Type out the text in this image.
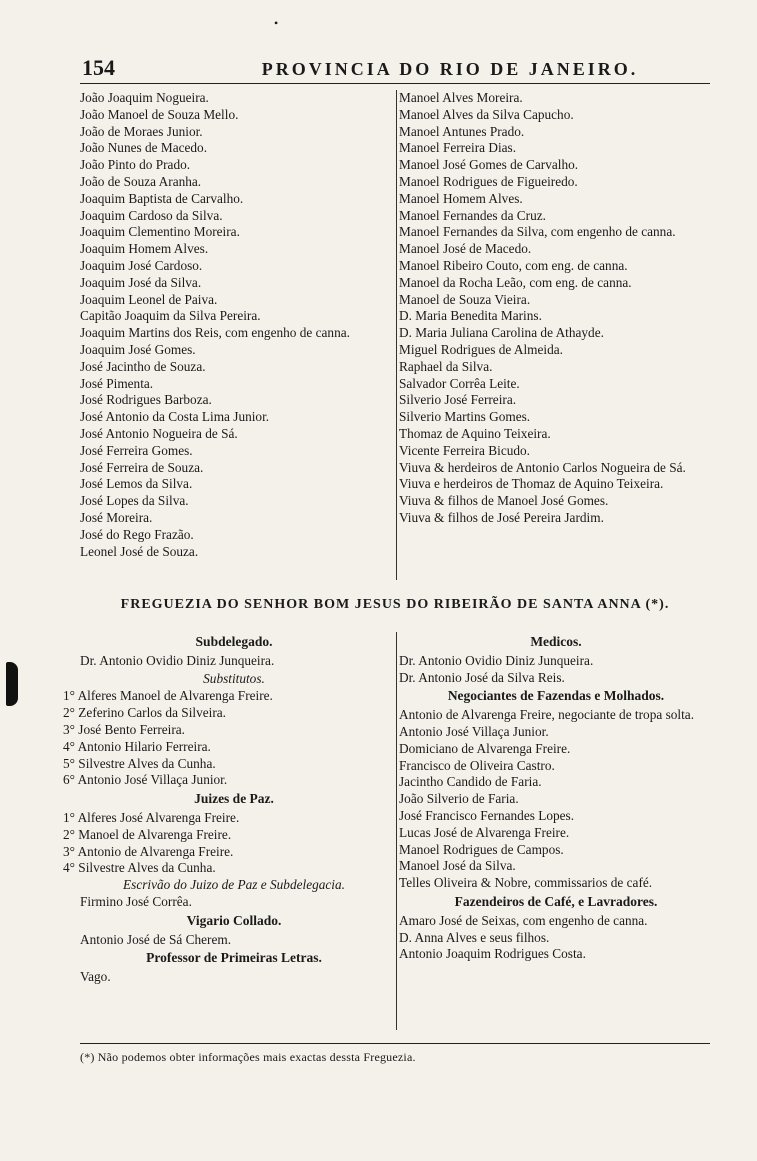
•
154	PROVINCIA DO RIO DE JANEIRO.
João Joaquim Nogueira.
João Manoel de Souza Mello.
João de Moraes Junior.
João Nunes de Macedo.
João Pinto do Prado.
João de Souza Aranha.
Joaquim Baptista de Carvalho.
Joaquim Cardoso da Silva.
Joaquim Clementino Moreira.
Joaquim Homem Alves.
Joaquim José Cardoso.
Joaquim José da Silva.
Joaquim Leonel de Paiva.
Capitão Joaquim da Silva Pereira.
Joaquim Martins dos Reis, com engenho de canna.
Joaquim José Gomes.
José Jacintho de Souza.
José Pimenta.
José Rodrigues Barboza.
José Antonio da Costa Lima Junior.
José Antonio Nogueira de Sá.
José Ferreira Gomes.
José Ferreira de Souza.
José Lemos da Silva.
José Lopes da Silva.
José Moreira.
José do Rego Frazão.
Leonel José de Souza.
Manoel Alves Moreira.
Manoel Alves da Silva Capucho.
Manoel Antunes Prado.
Manoel Ferreira Dias.
Manoel José Gomes de Carvalho.
Manoel Rodrigues de Figueiredo.
Manoel Homem Alves.
Manoel Fernandes da Cruz.
Manoel Fernandes da Silva, com engenho de canna.
Manoel José de Macedo.
Manoel Ribeiro Couto, com eng. de canna.
Manoel da Rocha Leão, com eng. de canna.
Manoel de Souza Vieira.
D. Maria Benedita Marins.
D. Maria Juliana Carolina de Athayde.
Miguel Rodrigues de Almeida.
Raphael da Silva.
Salvador Corrêa Leite.
Silverio José Ferreira.
Silverio Martins Gomes.
Thomaz de Aquino Teixeira.
Vicente Ferreira Bicudo.
Viuva & herdeiros de Antonio Carlos Nogueira de Sá.
Viuva e herdeiros de Thomaz de Aquino Teixeira.
Viuva & filhos de Manoel José Gomes.
Viuva & filhos de José Pereira Jardim.
FREGUEZIA DO SENHOR BOM JESUS DO RIBEIRÃO DE SANTA ANNA (*).
Subdelegado.
Dr. Antonio Ovidio Diniz Junqueira.
Substitutos.
1° Alferes Manoel de Alvarenga Freire.
2° Zeferino Carlos da Silveira.
3° José Bento Ferreira.
4° Antonio Hilario Ferreira.
5° Silvestre Alves da Cunha.
6° Antonio José Villaça Junior.
Juizes de Paz.
1° Alferes José Alvarenga Freire.
2° Manoel de Alvarenga Freire.
3° Antonio de Alvarenga Freire.
4° Silvestre Alves da Cunha.
Escrivão do Juizo de Paz e Subdelegacia.
Firmino José Corrêa.
Vigario Collado.
Antonio José de Sá Cherem.
Professor de Primeiras Letras.
Vago.
Medicos.
Dr. Antonio Ovidio Diniz Junqueira.
Dr. Antonio José da Silva Reis.
Negociantes de Fazendas e Molhados.
Antonio de Alvarenga Freire, negociante de tropa solta.
Antonio José Villaça Junior.
Domiciano de Alvarenga Freire.
Francisco de Oliveira Castro.
Jacintho Candido de Faria.
João Silverio de Faria.
José Francisco Fernandes Lopes.
Lucas José de Alvarenga Freire.
Manoel Rodrigues de Campos.
Manoel José da Silva.
Telles Oliveira & Nobre, commissarios de café.
Fazendeiros de Café, e Lavradores.
Amaro José de Seixas, com engenho de canna.
D. Anna Alves e seus filhos.
Antonio Joaquim Rodrigues Costa.
(*) Não podemos obter informações mais exactas dessta Freguezia.
